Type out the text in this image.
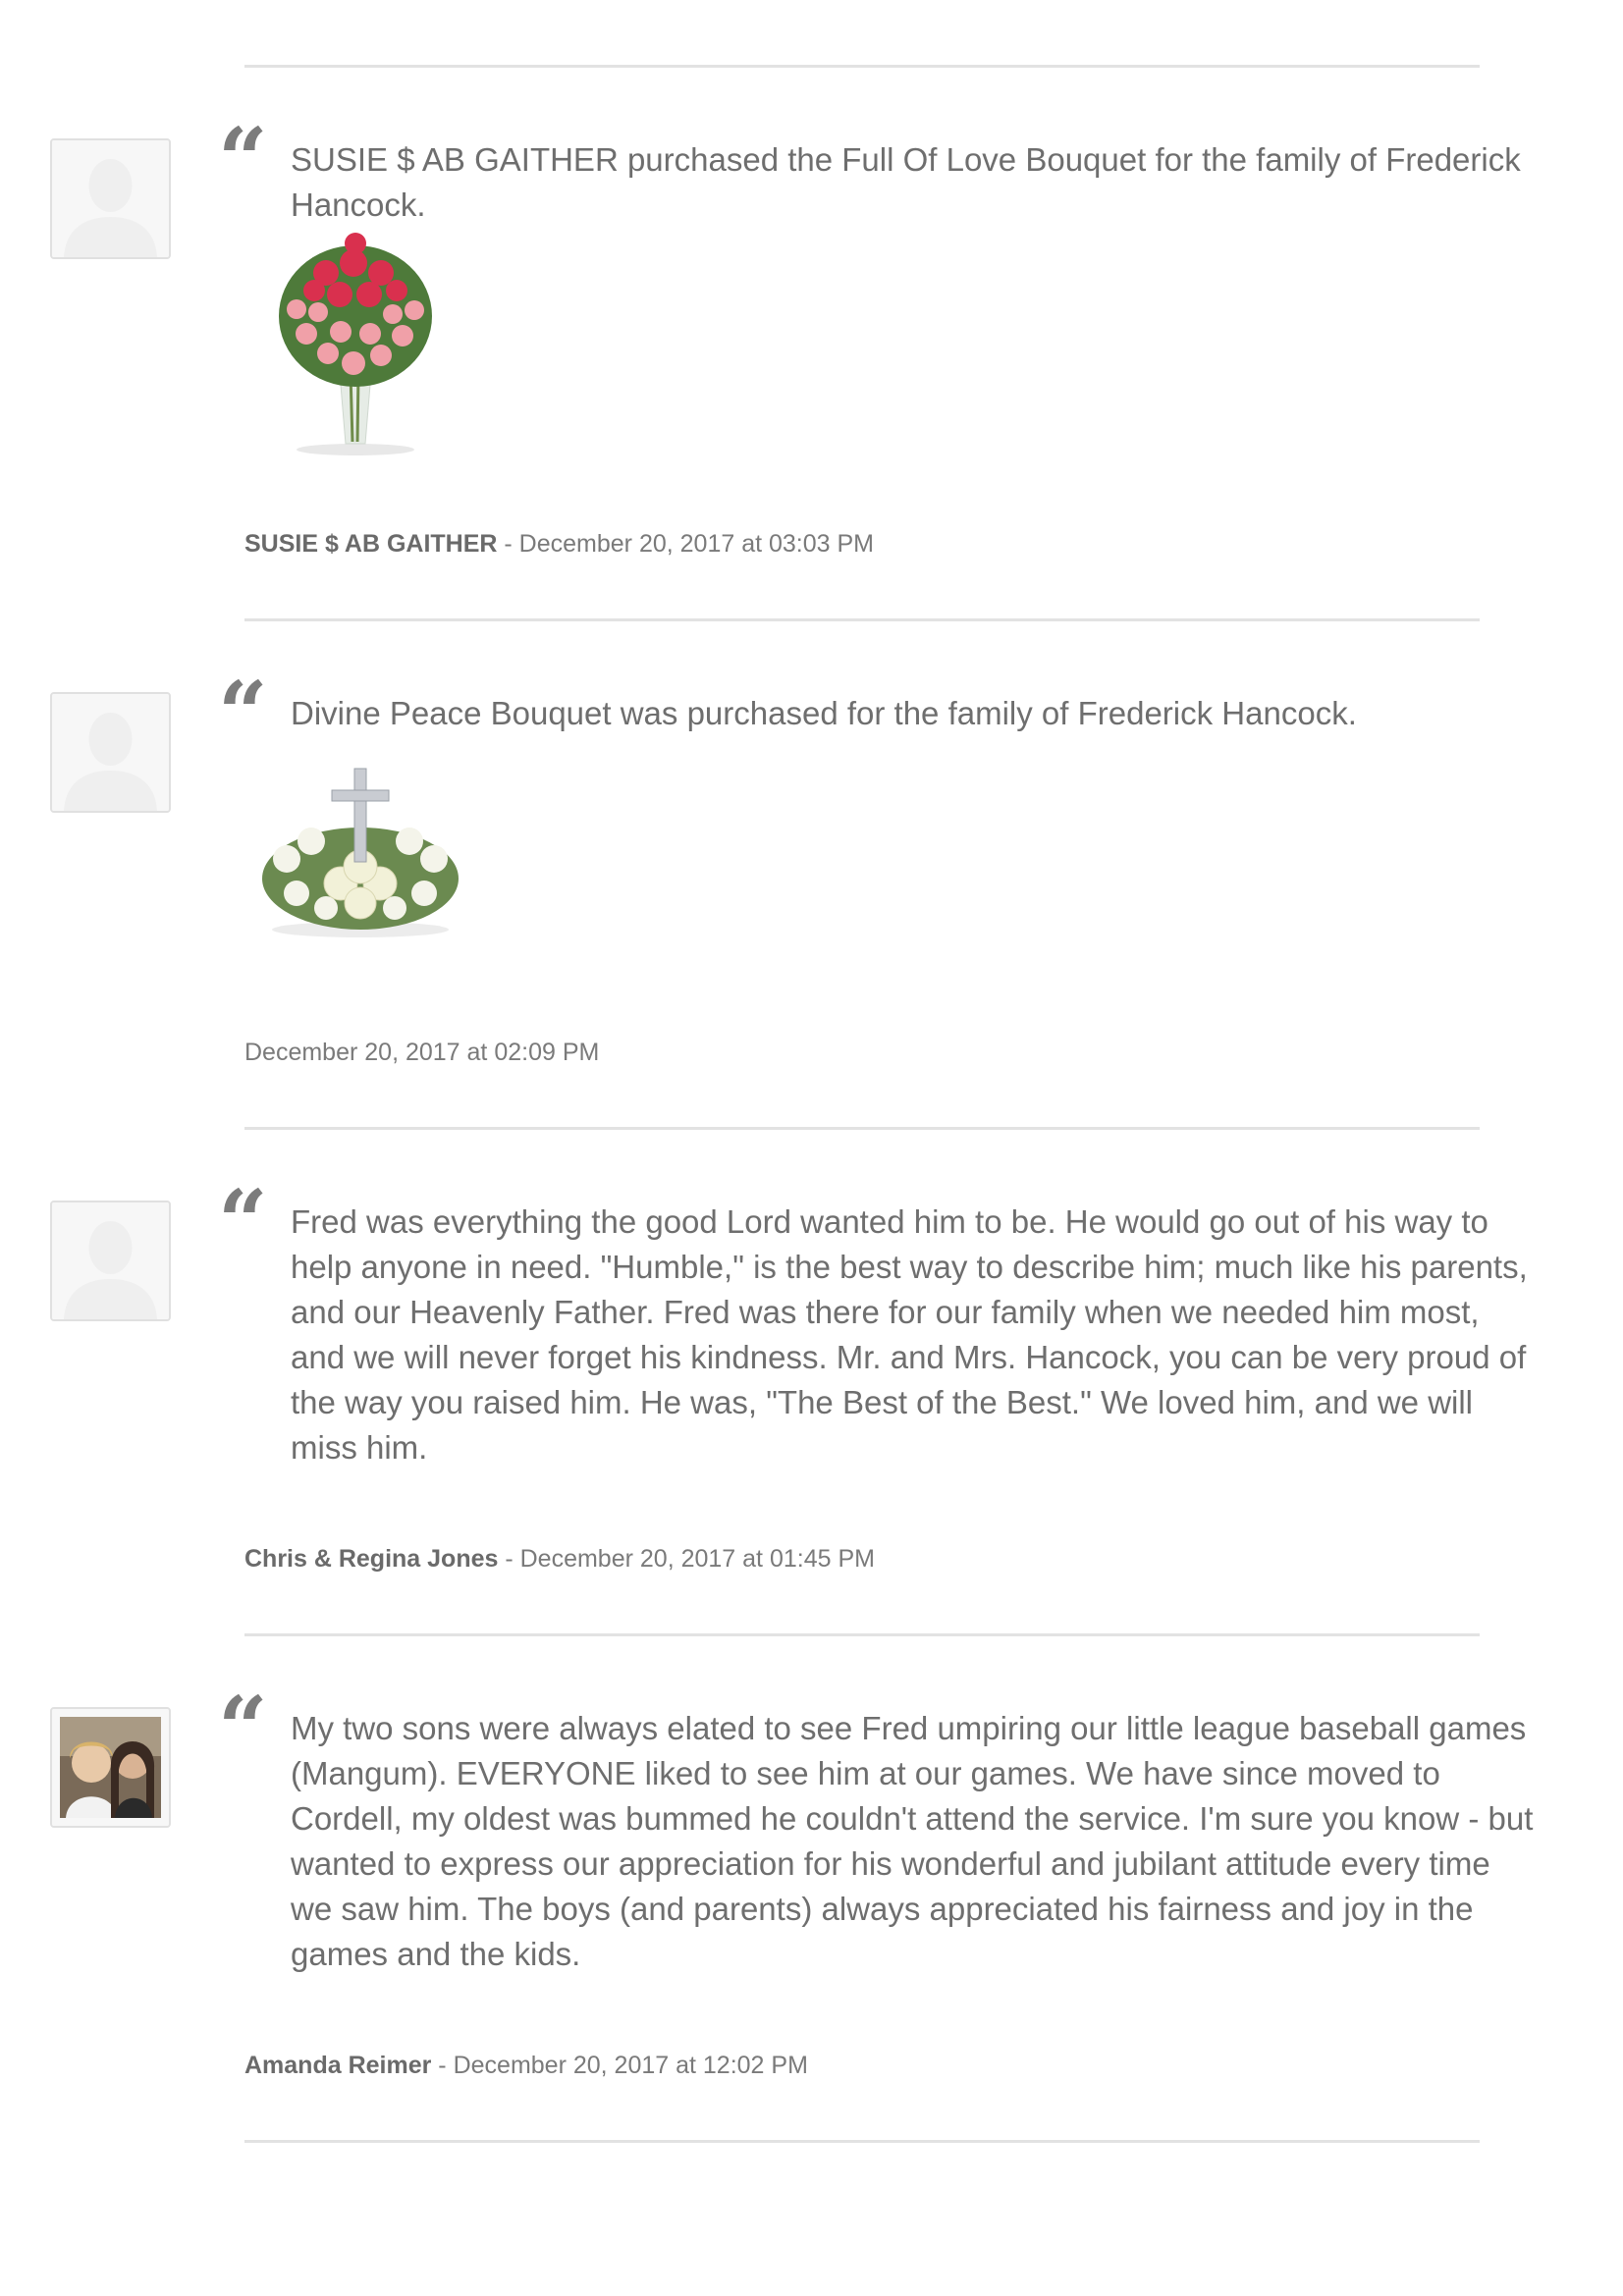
“ SUSIE $ AB GAITHER purchased the Full Of Love Bouquet for the family of Frederick Hancock.

SUSIE $ AB GAITHER - December 20, 2017 at 03:03 PM
“ Divine Peace Bouquet was purchased for the family of Frederick Hancock.

December 20, 2017 at 02:09 PM
“ Fred was everything the good Lord wanted him to be. He would go out of his way to help anyone in need. "Humble," is the best way to describe him; much like his parents, and our Heavenly Father. Fred was there for our family when we needed him most, and we will never forget his kindness. Mr. and Mrs. Hancock, you can be very proud of the way you raised him. He was, "The Best of the Best." We loved him, and we will miss him.

Chris & Regina Jones - December 20, 2017 at 01:45 PM
“ My two sons were always elated to see Fred umpiring our little league baseball games (Mangum). EVERYONE liked to see him at our games. We have since moved to Cordell, my oldest was bummed he couldn't attend the service. I'm sure you know - but wanted to express our appreciation for his wonderful and jubilant attitude every time we saw him. The boys (and parents) always appreciated his fairness and joy in the games and the kids.

Amanda Reimer - December 20, 2017 at 12:02 PM
